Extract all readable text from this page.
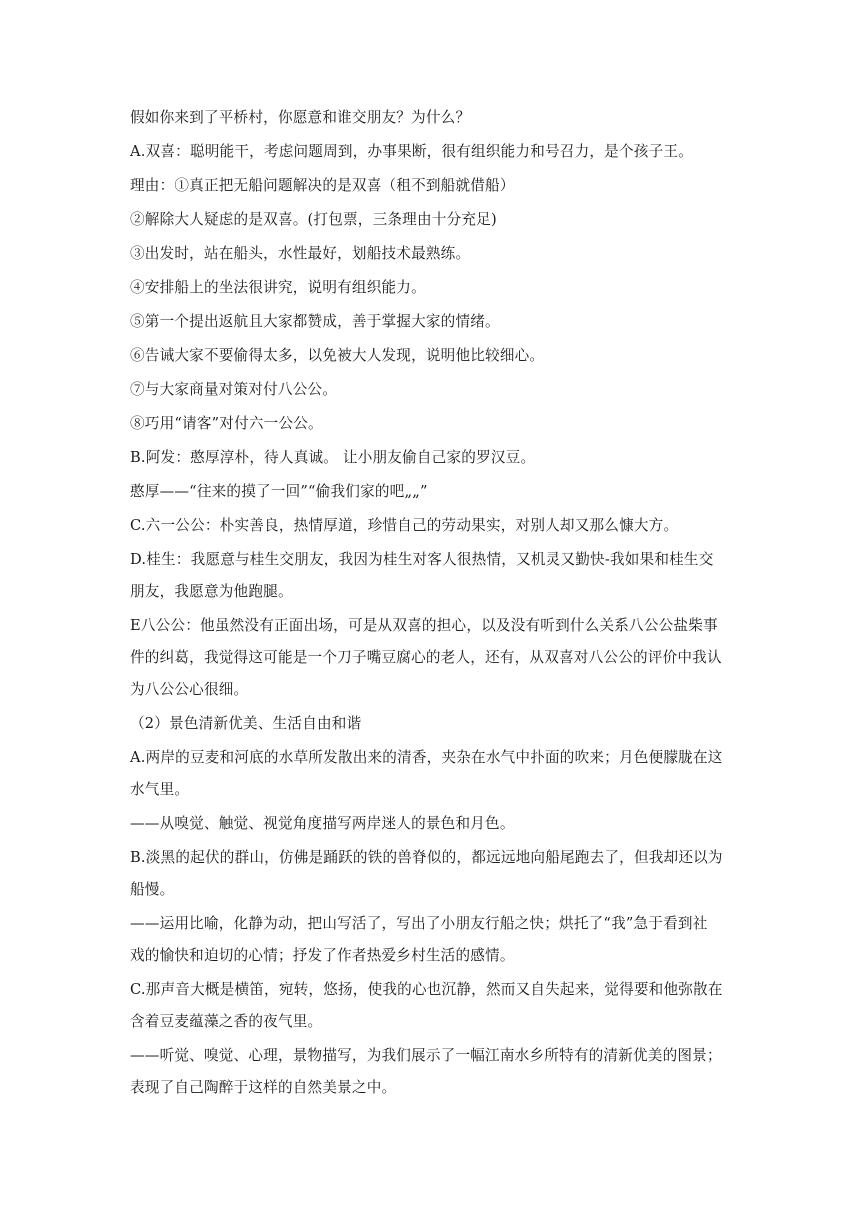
假如你来到了平桥村，你愿意和谁交朋友？为什么？
A.双喜：聪明能干，考虑问题周到，办事果断，很有组织能力和号召力，是个孩子王。
理由：①真正把无船问题解决的是双喜（租不到船就借船）
②解除大人疑虑的是双喜。(打包票，三条理由十分充足)
③出发时，站在船头，水性最好，划船技术最熟练。
④安排船上的坐法很讲究，说明有组织能力。
⑤第一个提出返航且大家都赞成，善于掌握大家的情绪。
⑥告诫大家不要偷得太多，以免被大人发现，说明他比较细心。
⑦与大家商量对策对付八公公。
⑧巧用“请客”对付六一公公。
B.阿发：憨厚淳朴，待人真诚。 让小朋友偷自己家的罗汉豆。
憨厚——“往来的摸了一回”“偷我们家的吧„„”
C.六一公公：朴实善良，热情厚道，珍惜自己的劳动果实，对别人却又那么慷大方。
D.桂生：我愿意与桂生交朋友，我因为桂生对客人很热情，又机灵又勤快-我如果和桂生交
朋友，我愿意为他跑腿。
E八公公：他虽然没有正面出场，可是从双喜的担心，以及没有听到什么关系八公公盐柴事
件的纠葛，我觉得这可能是一个刀子嘴豆腐心的老人，还有，从双喜对八公公的评价中我认
为八公公心很细。
（2）景色清新优美、生活自由和谐
A.两岸的豆麦和河底的水草所发散出来的清香，夹杂在水气中扑面的吹来；月色便朦胧在这
水气里。
——从嗅觉、触觉、视觉角度描写两岸迷人的景色和月色。
B.淡黑的起伏的群山，仿佛是踊跃的铁的兽脊似的，都远远地向船尾跑去了，但我却还以为
船慢。
——运用比喻，化静为动，把山写活了，写出了小朋友行船之快；烘托了“我”急于看到社
戏的愉快和迫切的心情；抒发了作者热爱乡村生活的感情。
C.那声音大概是横笛，宛转，悠扬，使我的心也沉静，然而又自失起来，觉得要和他弥散在
含着豆麦蕴藻之香的夜气里。
——听觉、嗅觉、心理，景物描写，为我们展示了一幅江南水乡所特有的清新优美的图景；
表现了自己陶醉于这样的自然美景之中。
